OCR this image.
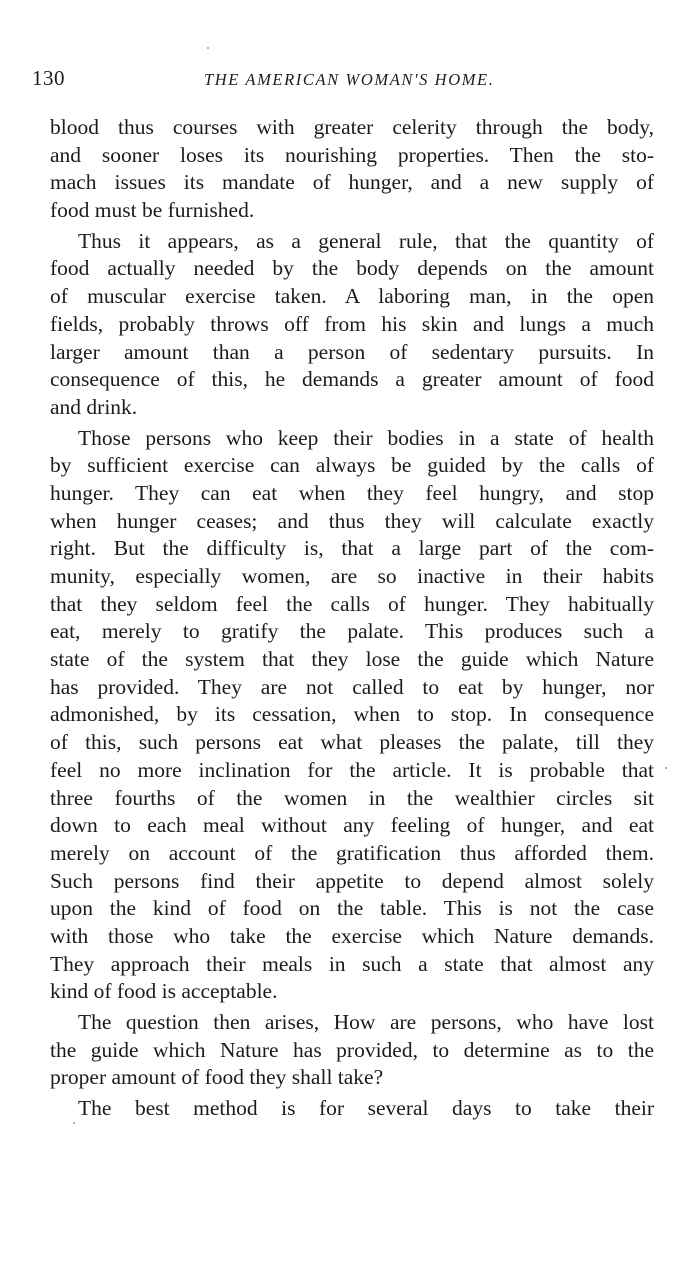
130	THE AMERICAN WOMAN'S HOME.
blood thus courses with greater celerity through the body,
and sooner loses its nourishing properties. Then the sto-
mach issues its mandate of hunger, and a new supply of
food must be furnished.
Thus it appears, as a general rule, that the quantity of
food actually needed by the body depends on the amount
of muscular exercise taken. A laboring man, in the open
fields, probably throws off from his skin and lungs a much
larger amount than a person of sedentary pursuits. In
consequence of this, he demands a greater amount of food
and drink.
Those persons who keep their bodies in a state of health
by sufficient exercise can always be guided by the calls of
hunger. They can eat when they feel hungry, and stop
when hunger ceases; and thus they will calculate exactly
right. But the difficulty is, that a large part of the com-
munity, especially women, are so inactive in their habits
that they seldom feel the calls of hunger. They habitually
eat, merely to gratify the palate. This produces such a
state of the system that they lose the guide which Nature
has provided. They are not called to eat by hunger, nor
admonished, by its cessation, when to stop. In consequence
of this, such persons eat what pleases the palate, till they
feel no more inclination for the article. It is probable that
three fourths of the women in the wealthier circles sit
down to each meal without any feeling of hunger, and eat
merely on account of the gratification thus afforded them.
Such persons find their appetite to depend almost solely
upon the kind of food on the table. This is not the case
with those who take the exercise which Nature demands.
They approach their meals in such a state that almost any
kind of food is acceptable.
The question then arises, How are persons, who have lost
the guide which Nature has provided, to determine as to the
proper amount of food they shall take?
The best method is for several days to take their
